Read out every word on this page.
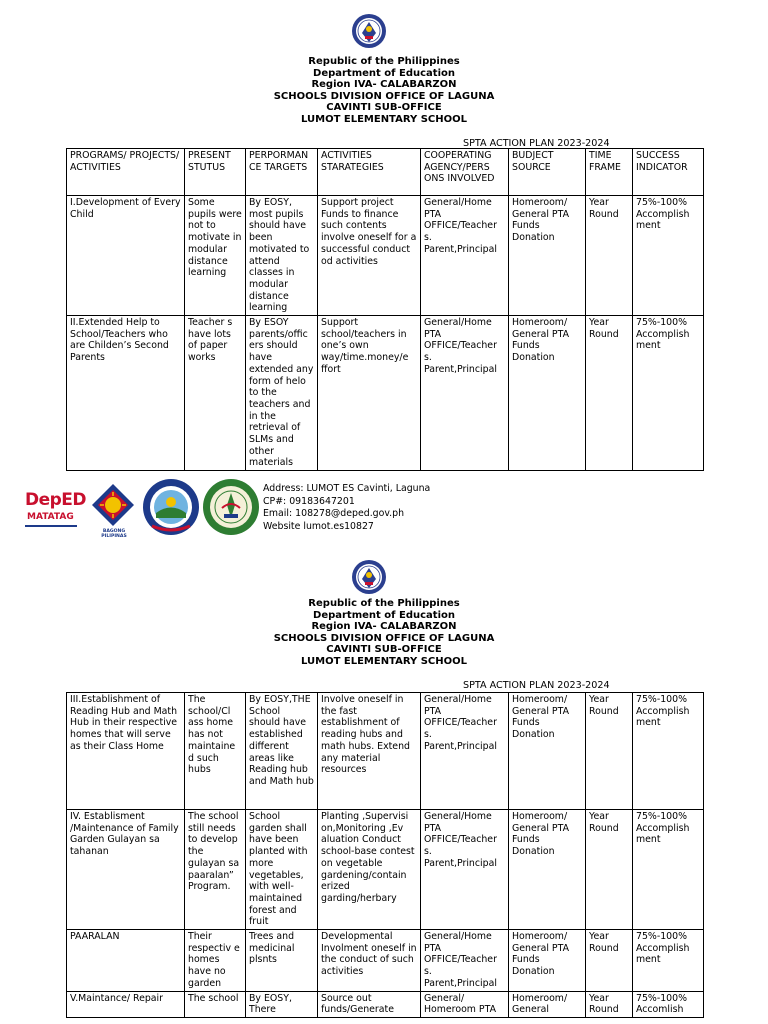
Republic of the Philippines
Department of Education
Region IVA- CALABARZON
SCHOOLS DIVISION OFFICE OF LAGUNA
CAVINTI SUB-OFFICE
LUMOT ELEMENTARY SCHOOL
SPTA ACTION PLAN 2023-2024
PROGRAMS/ PROJECTS/ ACTIVITIES	PRESENT STUTUS	PERPORMAN CE TARGETS	ACTIVITIES STARATEGIES	COOPERATING AGENCY/PERS ONS INVOLVED	BUDJECT SOURCE	TIME FRAME	SUCCESS INDICATOR
I.Development of Every Child	Some pupils were not to motivate in modular distance learning	By EOSY, most pupils should have been motivated to attend classes in modular distance learning	Support project Funds to finance such contents involve oneself for a successful conduct od activities	General/Home PTA OFFICE/Teacher s. Parent,Principal	Homeroom/ General PTA Funds Donation	Year Round	75%-100% Accomplish ment
II.Extended Help to School/Teachers who are Childen’s Second Parents	Teacher s have lots of paper works	By ESOY parents/offic ers should have extended any form of helo to the teachers and in the retrieval of SLMs and other materials	Support school/teachers in one’s own way/time.money/e ffort	General/Home PTA OFFICE/Teacher s. Parent,Principal	Homeroom/ General PTA Funds Donation	Year Round	75%-100% Accomplish ment
DepED
MATATAG
BAGONG PILIPINAS
Address: LUMOT ES Cavinti, Laguna
CP#: 09183647201
Email: 108278@deped.gov.ph
Website lumot.es10827
Republic of the Philippines
Department of Education
Region IVA- CALABARZON
SCHOOLS DIVISION OFFICE OF LAGUNA
CAVINTI SUB-OFFICE
LUMOT ELEMENTARY SCHOOL
SPTA ACTION PLAN 2023-2024
III.Establishment of Reading Hub and Math Hub in their respective homes that will serve as their Class Home	The school/Cl ass home has not maintaine d such hubs	By EOSY,THE School should have established different areas like Reading hub and Math hub	Involve oneself in the fast establishment of reading hubs and math hubs. Extend any material resources	General/Home PTA OFFICE/Teacher s. Parent,Principal	Homeroom/ General PTA Funds Donation	Year Round	75%-100% Accomplish ment
IV. Establisment /Maintenance of Family Garden Gulayan sa tahanan	The school still needs to develop the gulayan sa paaralan” Program.	School garden shall have been planted with more vegetables, with well-maintained forest and fruit	Planting ,Supervisi on,Monitoring ,Ev aluation Conduct school-base contest on vegetable gardening/contain erized garding/herbary	General/Home PTA OFFICE/Teacher s. Parent,Principal	Homeroom/ General PTA Funds Donation	Year Round	75%-100% Accomplish ment
PAARALAN	Their respectiv e homes have no garden	Trees and medicinal plsnts	Developmental Involment oneself in the conduct of such activities	General/Home PTA OFFICE/Teacher s. Parent,Principal	Homeroom/ General PTA Funds Donation	Year Round	75%-100% Accomplish ment
V.Maintance/ Repair	The school	By EOSY, There	Source out funds/Generate	General/ Homeroom PTA	Homeroom/ General	Year Round	75%-100% Accomlish
